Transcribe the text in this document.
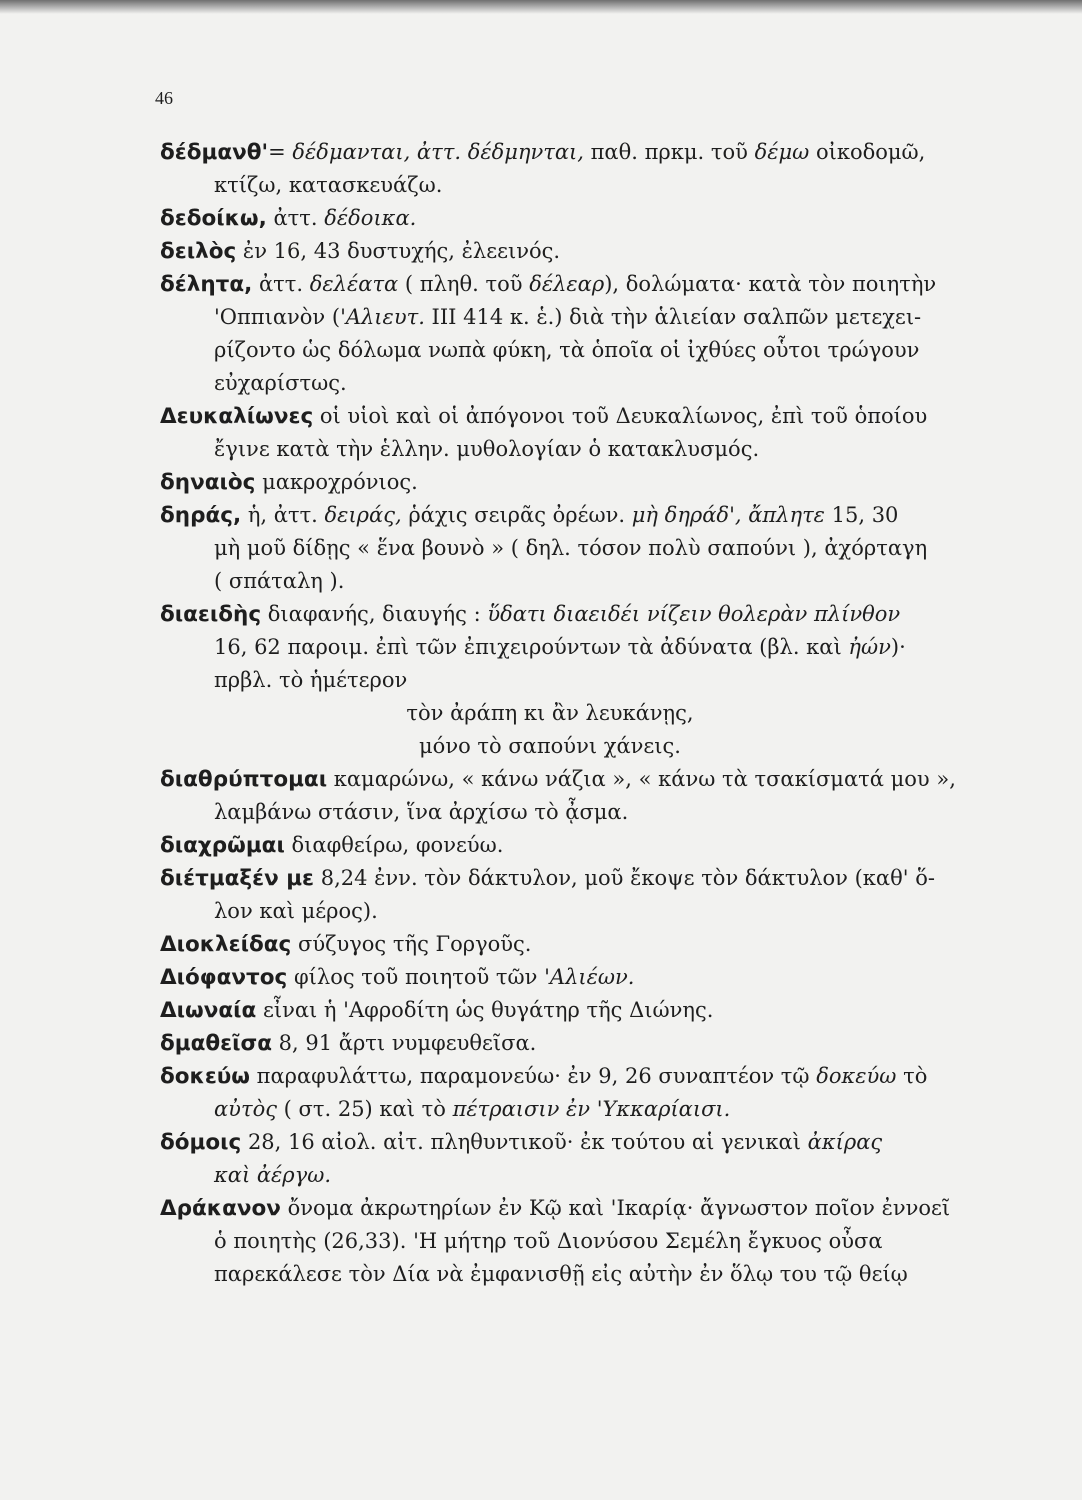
46
δέδμανθ'= δέδμανται, ἀττ. δέδμηνται, παθ. πρκμ. τοῦ δέμω οἰκοδομῶ,
κτίζω, κατασκευάζω.
δεδοίκω, ἀττ. δέδοικα.
δειλὸς ἐν 16, 43 δυστυχής, ἐλεεινός.
δέλητα, ἀττ. δελέατα ( πληθ. τοῦ δέλεαρ), δολώματα· κατὰ τὸν ποιητὴν
'Οππιανὸν ('Αλιευτ. III 414 κ. ἑ.) διὰ τὴν ἁλιείαν σαλπῶν μετεχει-
ρίζοντο ὡς δόλωμα νωπὰ φύκη, τὰ ὁποῖα οἱ ἰχθύες οὗτοι τρώγουν
εὐχαρίστως.
Δευκαλίωνες οἱ υἱοὶ καὶ οἱ ἀπόγονοι τοῦ Δευκαλίωνος, ἐπὶ τοῦ ὁποίου
ἔγινε κατὰ τὴν ἑλλην. μυθολογίαν ὁ κατακλυσμός.
δηναιὸς μακροχρόνιος.
δηράς, ἡ, ἀττ. δειράς, ῥάχις σειρᾶς ὀρέων. μὴ δηράδ', ἄπλητε 15, 30
μὴ μοῦ δίδῃς « ἕνα βουνὸ » ( δηλ. τόσον πολὺ σαπούνι ), ἀχόρταγη
( σπάταλη ).
διαειδὴς διαφανής, διαυγής : ὕδατι διαειδέι νίζειν θολερὰν πλίνθον
16, 62 παροιμ. ἐπὶ τῶν ἐπιχειρούντων τὰ ἀδύνατα (βλ. καὶ ἠών)·
πρβλ. τὸ ἡμέτερον
τὸν ἀράπη κι ἂν λευκάνῃς,
μόνο τὸ σαπούνι χάνεις.
διαθρύπτομαι καμαρώνω, « κάνω νάζια », « κάνω τὰ τσακίσματά μου »,
λαμβάνω στάσιν, ἵνα ἀρχίσω τὸ ᾆσμα.
διαχρῶμαι διαφθείρω, φονεύω.
διέτμαξέν με 8,24 ἐνν. τὸν δάκτυλον, μοῦ ἔκοψε τὸν δάκτυλον (καθ' ὅ-
λον καὶ μέρος).
Διοκλείδας σύζυγος τῆς Γοργοῦς.
Διόφαντος φίλος τοῦ ποιητοῦ τῶν 'Αλιέων.
Διωναία εἶναι ἡ 'Αφροδίτη ὡς θυγάτηρ τῆς Διώνης.
δμαθεῖσα 8, 91 ἄρτι νυμφευθεῖσα.
δοκεύω παραφυλάττω, παραμονεύω· ἐν 9, 26 συναπτέον τῷ δοκεύω τὸ
αὐτὸς ( στ. 25) καὶ τὸ πέτραισιν ἐν 'Υκκαρίαισι.
δόμοις 28, 16 αἰολ. αἰτ. πληθυντικοῦ· ἐκ τούτου αἱ γενικαὶ ἀκίρας
καὶ ἀέργω.
Δράκανον ὄνομα ἀκρωτηρίων ἐν Κῷ καὶ 'Ικαρίᾳ· ἄγνωστον ποῖον ἐννοεῖ
ὁ ποιητὴς (26,33). 'Η μήτηρ τοῦ Διονύσου Σεμέλη ἔγκυος οὖσα
παρεκάλεσε τὸν Δία νὰ ἐμφανισθῇ εἰς αὐτὴν ἐν ὅλῳ του τῷ θείῳ
